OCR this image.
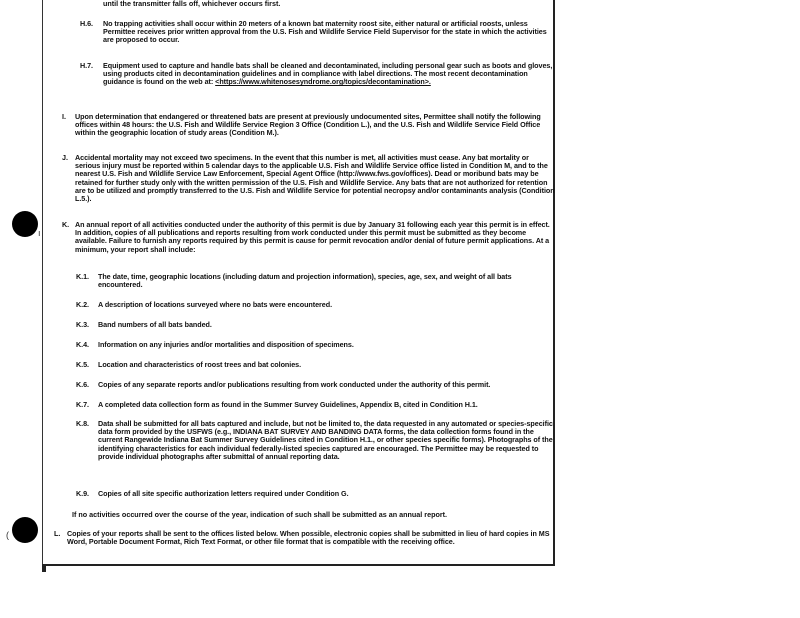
until the transmitter falls off, whichever occurs first.
H.6. No trapping activities shall occur within 20 meters of a known bat maternity roost site, either natural or artificial roosts, unless Permittee receives prior written approval from the U.S. Fish and Wildlife Service Field Supervisor for the state in which the activities are proposed to occur.
H.7. Equipment used to capture and handle bats shall be cleaned and decontaminated, including personal gear such as boots and gloves, using products cited in decontamination guidelines and in compliance with label directions. The most recent decontamination guidance is found on the web at: <https://www.whitenosesyndrome.org/topics/decontamination>.
I. Upon determination that endangered or threatened bats are present at previously undocumented sites, Permittee shall notify the following offices within 48 hours: the U.S. Fish and Wildlife Service Region 3 Office (Condition L.), and the U.S. Fish and Wildlife Service Field Office within the geographic location of study areas (Condition M.).
J. Accidental mortality may not exceed two specimens. In the event that this number is met, all activities must cease. Any bat mortality or serious injury must be reported within 5 calendar days to the applicable U.S. Fish and Wildlife Service office listed in Condition M, and to the nearest U.S. Fish and Wildlife Service Law Enforcement, Special Agent Office (http://www.fws.gov/offices). Dead or moribund bats may be retained for further study only with the written permission of the U.S. Fish and Wildlife Service. Any bats that are not authorized for retention are to be utilized and promptly transferred to the U.S. Fish and Wildlife Service for potential necropsy and/or contaminants analysis (Condition L.5.).
ı
K. An annual report of all activities conducted under the authority of this permit is due by January 31 following each year this permit is in effect. In addition, copies of all publications and reports resulting from work conducted under this permit must be submitted as they become available. Failure to furnish any reports required by this permit is cause for permit revocation and/or denial of future permit applications. At a minimum, your report shall include:
K.1. The date, time, geographic locations (including datum and projection information), species, age, sex, and weight of all bats encountered.
K.2. A description of locations surveyed where no bats were encountered.
K.3. Band numbers of all bats banded.
K.4. Information on any injuries and/or mortalities and disposition of specimens.
K.5. Location and characteristics of roost trees and bat colonies.
K.6. Copies of any separate reports and/or publications resulting from work conducted under the authority of this permit.
K.7. A completed data collection form as found in the Summer Survey Guidelines, Appendix B, cited in Condition H.1.
K.8. Data shall be submitted for all bats captured and include, but not be limited to, the data requested in any automated or species-specific data form provided by the USFWS (e.g., INDIANA BAT SURVEY AND BANDING DATA forms, the data collection forms found in the current Rangewide Indiana Bat Summer Survey Guidelines cited in Condition H.1., or other species specific forms). Photographs of the identifying characteristics for each individual federally-listed species captured are encouraged. The Permittee may be requested to provide individual photographs after submittal of annual reporting data.
K.9. Copies of all site specific authorization letters required under Condition G.
If no activities occurred over the course of the year, indication of such shall be submitted as an annual report.
(	L. Copies of your reports shall be sent to the offices listed below. When possible, electronic copies shall be submitted in lieu of hard copies in MS Word, Portable Document Format, Rich Text Format, or other file format that is compatible with the receiving office.
